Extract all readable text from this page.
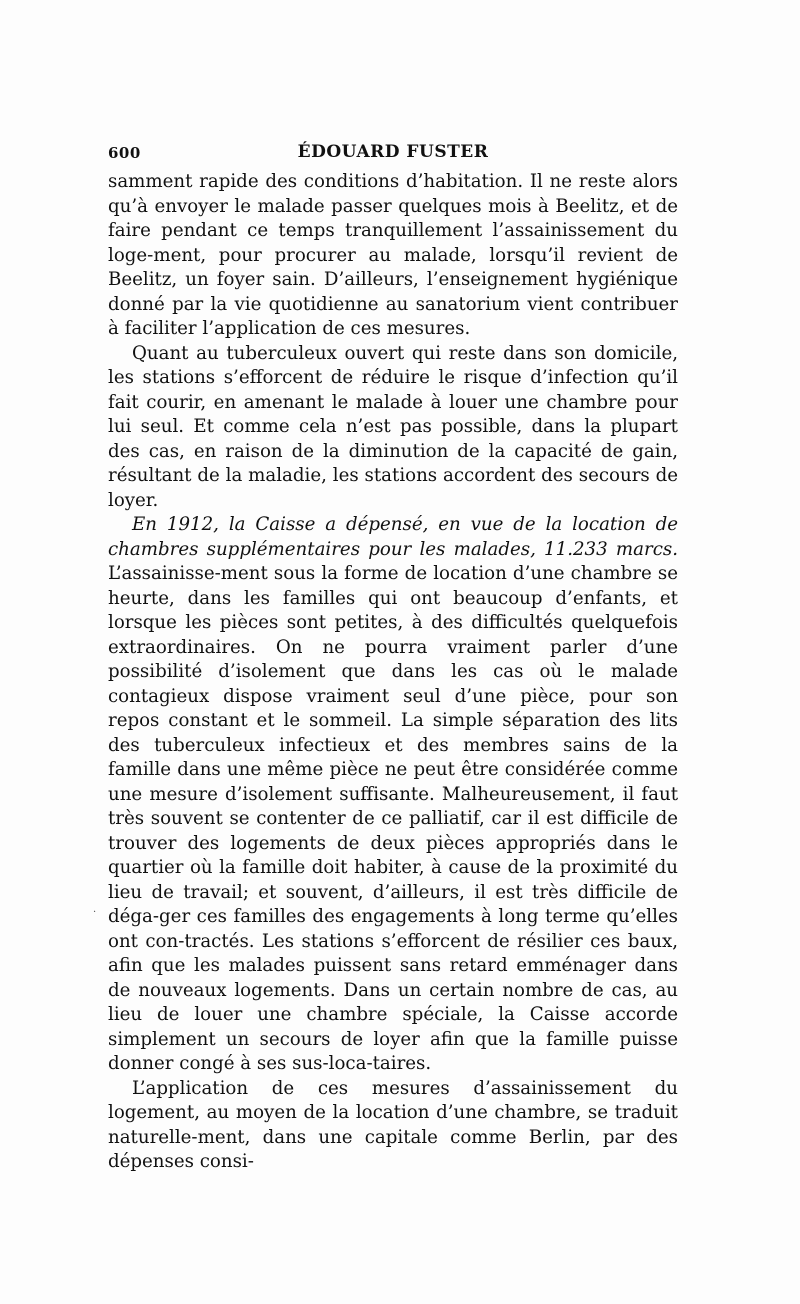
600	ÉDOUARD FUSTER

samment rapide des conditions d’habitation. Il ne reste alors qu’à envoyer le malade passer quelques mois à Beelitz, et de faire pendant ce temps tranquillement l’assainissement du loge-ment, pour procurer au malade, lorsqu’il revient de Beelitz, un foyer sain. D’ailleurs, l’enseignement hygiénique donné par la vie quotidienne au sanatorium vient contribuer à faciliter l’application de ces mesures.

Quant au tuberculeux ouvert qui reste dans son domicile, les stations s’efforcent de réduire le risque d’infection qu’il fait courir, en amenant le malade à louer une chambre pour lui seul. Et comme cela n’est pas possible, dans la plupart des cas, en raison de la diminution de la capacité de gain, résultant de la maladie, les stations accordent des secours de loyer.

En 1912, la Caisse a dépensé, en vue de la location de chambres supplémentaires pour les malades, 11.233 marcs. L’assainisse-ment sous la forme de location d’une chambre se heurte, dans les familles qui ont beaucoup d’enfants, et lorsque les pièces sont petites, à des difficultés quelquefois extraordinaires. On ne pourra vraiment parler d’une possibilité d’isolement que dans les cas où le malade contagieux dispose vraiment seul d’une pièce, pour son repos constant et le sommeil. La simple séparation des lits des tuberculeux infectieux et des membres sains de la famille dans une même pièce ne peut être considérée comme une mesure d’isolement suffisante. Malheureusement, il faut très souvent se contenter de ce palliatif, car il est difficile de trouver des logements de deux pièces appropriés dans le quartier où la famille doit habiter, à cause de la proximité du lieu de travail; et souvent, d’ailleurs, il est très difficile de déga-ger ces familles des engagements à long terme qu’elles ont con-tractés. Les stations s’efforcent de résilier ces baux, afin que les malades puissent sans retard emménager dans de nouveaux logements. Dans un certain nombre de cas, au lieu de louer une chambre spéciale, la Caisse accorde simplement un secours de loyer afin que la famille puisse donner congé à ses sus-loca-taires.

L’application de ces mesures d’assainissement du logement, au moyen de la location d’une chambre, se traduit naturelle-ment, dans une capitale comme Berlin, par des dépenses consi-

·
